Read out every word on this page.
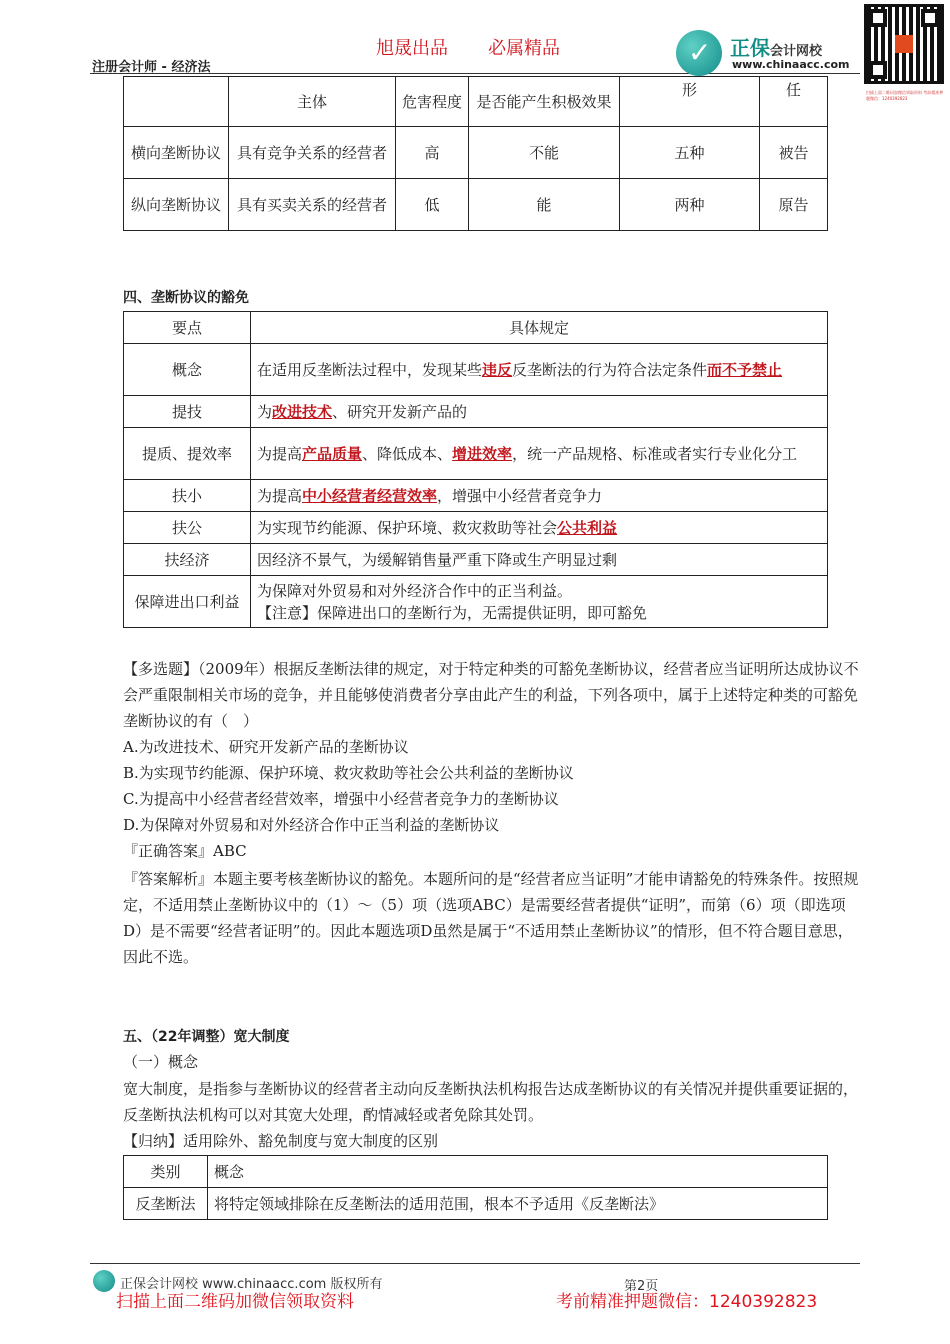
旭晟出品 必属精品
注册会计师 - 经济法	✓ 正保会计网校
www.chinaacc.com
扫描上面二维码加微信领取资料 考前精准押题微信：1240392823
	主体	危害程度	是否能产生积极效果	形	任
横向垄断协议	具有竞争关系的经营者	高	不能	五种	被告
纵向垄断协议	具有买卖关系的经营者	低	能	两种	原告
四、垄断协议的豁免
要点	具体规定
概念	在适用反垄断法过程中，发现某些违反反垄断法的行为符合法定条件而不予禁止
提技	为改进技术、研究开发新产品的
提质、提效率	为提高产品质量、降低成本、增进效率，统一产品规格、标准或者实行专业化分工
扶小	为提高中小经营者经营效率，增强中小经营者竞争力
扶公	为实现节约能源、保护环境、救灾救助等社会公共利益
扶经济	因经济不景气，为缓解销售量严重下降或生产明显过剩
保障进出口利益	为保障对外贸易和对外经济合作中的正当利益。
【注意】保障进出口的垄断行为，无需提供证明，即可豁免
【多选题】（2009年）根据反垄断法律的规定，对于特定种类的可豁免垄断协议，经营者应当证明所达成协议不会严重限制相关市场的竞争，并且能够使消费者分享由此产生的利益，下列各项中，属于上述特定种类的可豁免垄断协议的有（　）
A.为改进技术、研究开发新产品的垄断协议
B.为实现节约能源、保护环境、救灾救助等社会公共利益的垄断协议
C.为提高中小经营者经营效率，增强中小经营者竞争力的垄断协议
D.为保障对外贸易和对外经济合作中正当利益的垄断协议
『正确答案』ABC
『答案解析』本题主要考核垄断协议的豁免。本题所问的是“经营者应当证明”才能申请豁免的特殊条件。按照规定，不适用禁止垄断协议中的（1）～（5）项（选项ABC）是需要经营者提供“证明”，而第（6）项（即选项D）是不需要“经营者证明”的。因此本题选项D虽然是属于“不适用禁止垄断协议”的情形，但不符合题目意思，因此不选。
五、（22年调整）宽大制度
（一）概念
宽大制度，是指参与垄断协议的经营者主动向反垄断执法机构报告达成垄断协议的有关情况并提供重要证据的，反垄断执法机构可以对其宽大处理，酌情减轻或者免除其处罚。
【归纳】适用除外、豁免制度与宽大制度的区别
类别	概念
反垄断法	将特定领域排除在反垄断法的适用范围，根本不予适用《反垄断法》
正保会计网校 www.chinaacc.com 版权所有	第2页
扫描上面二维码加微信领取资料	考前精准押题微信：1240392823
